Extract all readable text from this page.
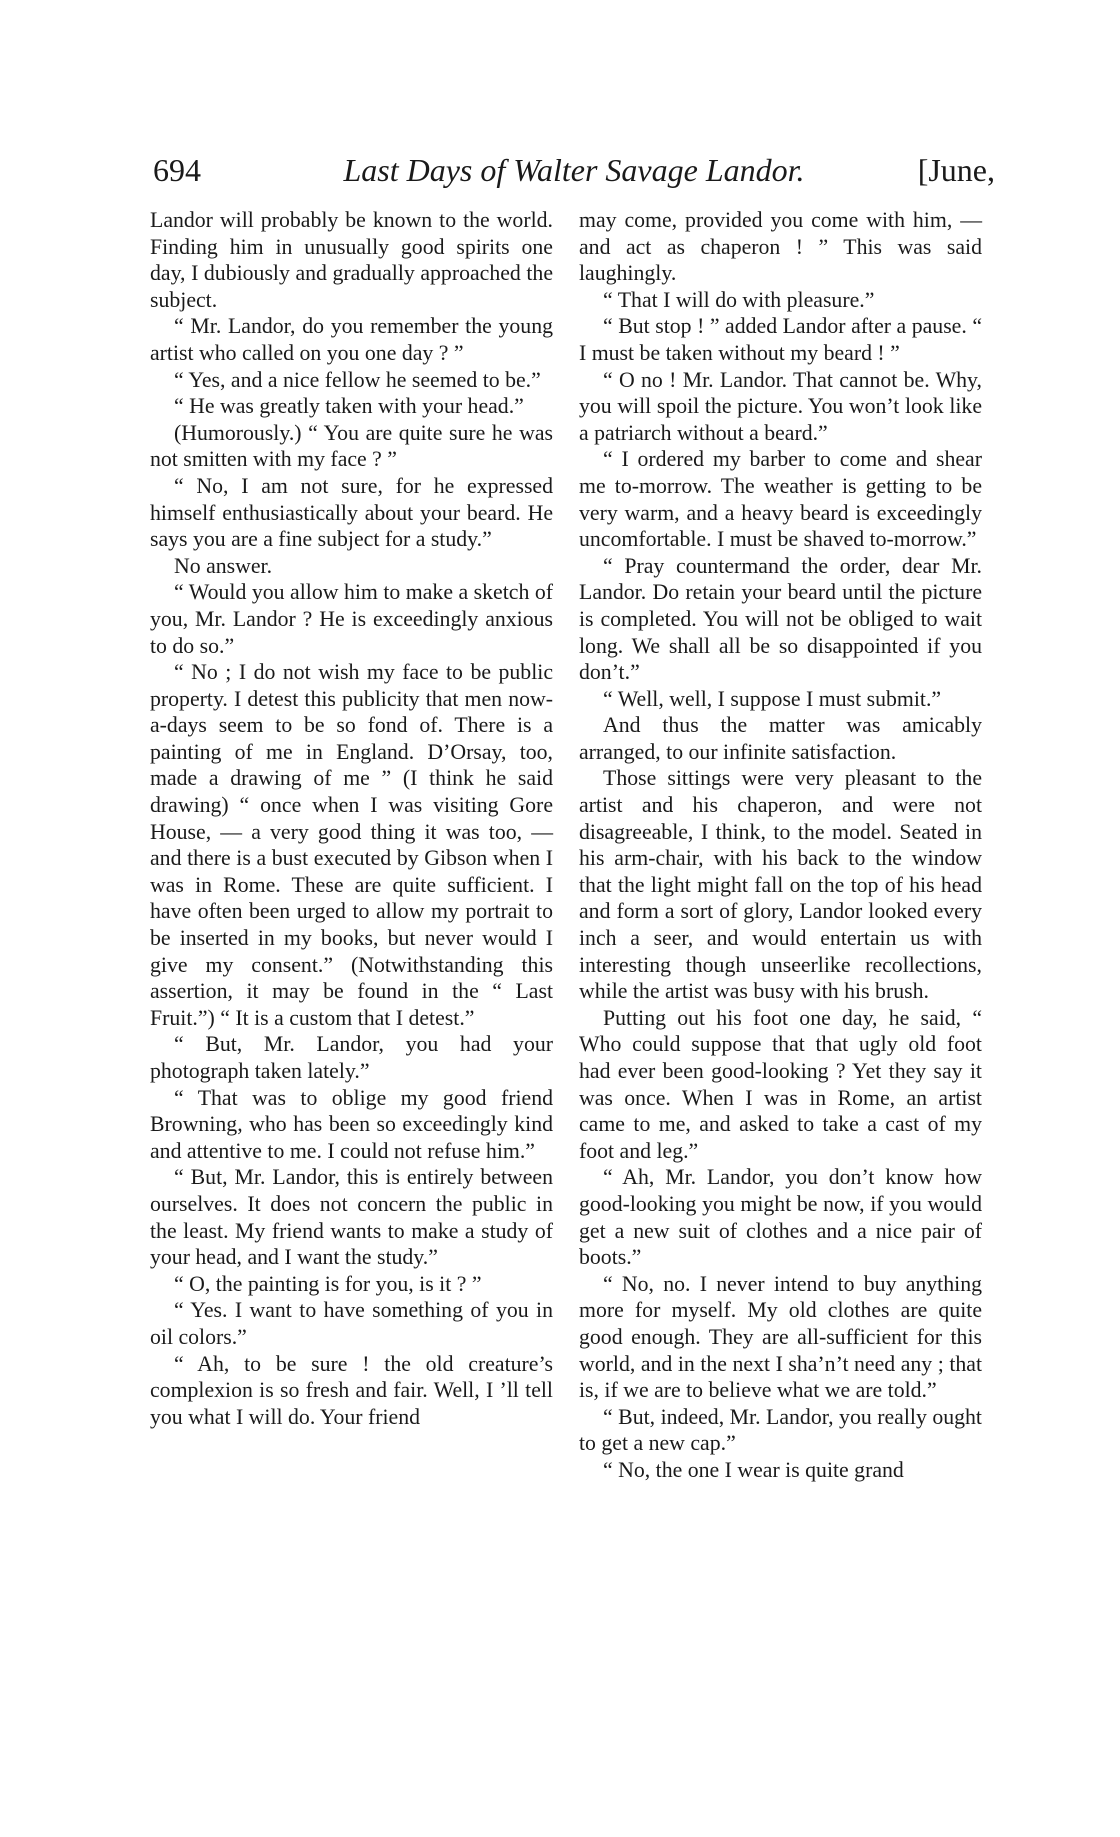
694	Last Days of Walter Savage Landor.	[June,

Landor will probably be known to the world. Finding him in unusually good spirits one day, I dubiously and gradually approached the subject.

“ Mr. Landor, do you remember the young artist who called on you one day ? ”

“ Yes, and a nice fellow he seemed to be.”

“ He was greatly taken with your head.”

(Humorously.) “ You are quite sure he was not smitten with my face ? ”

“ No, I am not sure, for he expressed himself enthusiastically about your beard. He says you are a fine subject for a study.”

No answer.

“ Would you allow him to make a sketch of you, Mr. Landor ? He is exceedingly anxious to do so.”

“ No ; I do not wish my face to be public property. I detest this publicity that men now-a-days seem to be so fond of. There is a painting of me in England. D’Orsay, too, made a drawing of me ” (I think he said drawing) “ once when I was visiting Gore House, — a very good thing it was too, — and there is a bust executed by Gibson when I was in Rome. These are quite sufficient. I have often been urged to allow my portrait to be inserted in my books, but never would I give my consent.” (Notwithstanding this assertion, it may be found in the “ Last Fruit.”) “ It is a custom that I detest.”

“ But, Mr. Landor, you had your photograph taken lately.”

“ That was to oblige my good friend Browning, who has been so exceedingly kind and attentive to me. I could not refuse him.”

“ But, Mr. Landor, this is entirely between ourselves. It does not concern the public in the least. My friend wants to make a study of your head, and I want the study.”

“ O, the painting is for you, is it ? ”

“ Yes. I want to have something of you in oil colors.”

“ Ah, to be sure ! the old creature’s complexion is so fresh and fair. Well, I ’ll tell you what I will do. Your friend

may come, provided you come with him, — and act as chaperon ! ” This was said laughingly.

“ That I will do with pleasure.”

“ But stop ! ” added Landor after a pause. “ I must be taken without my beard ! ”

“ O no ! Mr. Landor. That cannot be. Why, you will spoil the picture. You won’t look like a patriarch without a beard.”

“ I ordered my barber to come and shear me to-morrow. The weather is getting to be very warm, and a heavy beard is exceedingly uncomfortable. I must be shaved to-morrow.”

“ Pray countermand the order, dear Mr. Landor. Do retain your beard until the picture is completed. You will not be obliged to wait long. We shall all be so disappointed if you don’t.”

“ Well, well, I suppose I must submit.”

And thus the matter was amicably arranged, to our infinite satisfaction.

Those sittings were very pleasant to the artist and his chaperon, and were not disagreeable, I think, to the model. Seated in his arm-chair, with his back to the window that the light might fall on the top of his head and form a sort of glory, Landor looked every inch a seer, and would entertain us with interesting though unseerlike recollections, while the artist was busy with his brush.

Putting out his foot one day, he said, “ Who could suppose that that ugly old foot had ever been good-looking ? Yet they say it was once. When I was in Rome, an artist came to me, and asked to take a cast of my foot and leg.”

“ Ah, Mr. Landor, you don’t know how good-looking you might be now, if you would get a new suit of clothes and a nice pair of boots.”

“ No, no. I never intend to buy anything more for myself. My old clothes are quite good enough. They are all-sufficient for this world, and in the next I sha’n’t need any ; that is, if we are to believe what we are told.”

“ But, indeed, Mr. Landor, you really ought to get a new cap.”

“ No, the one I wear is quite grand
